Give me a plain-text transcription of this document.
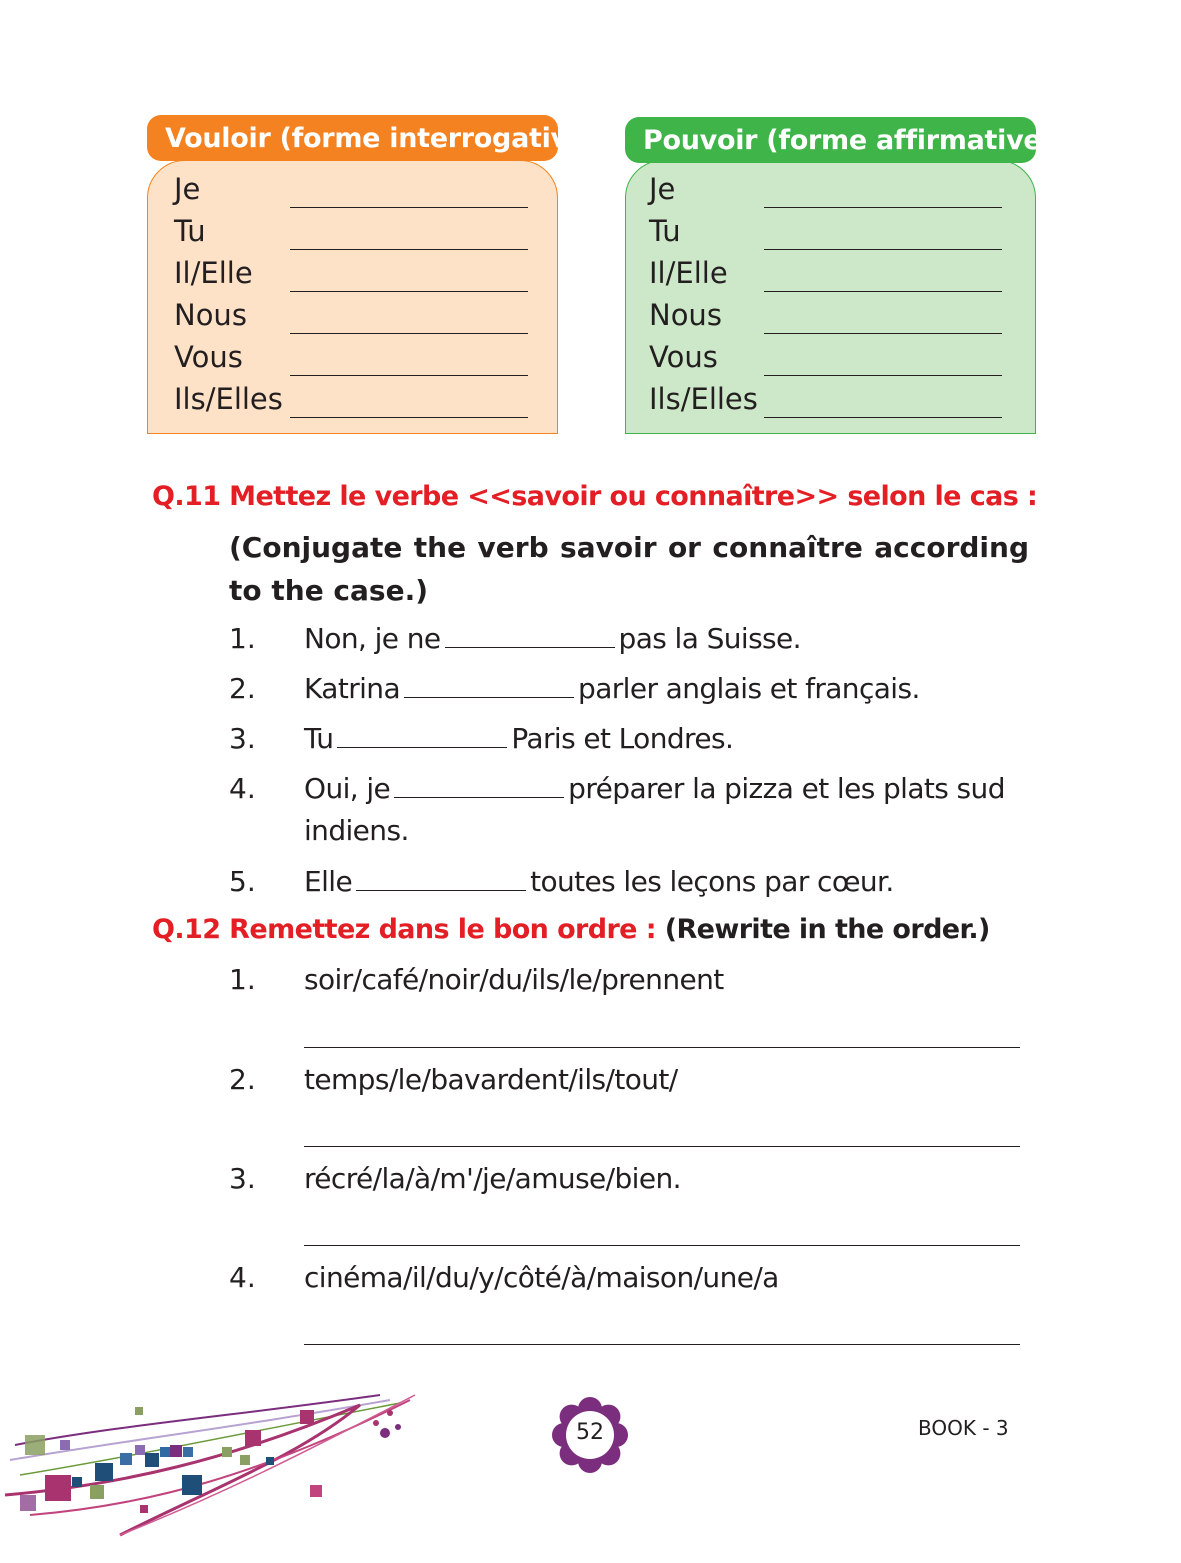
Vouloir (forme interrogative)
Je
Tu
Il/Elle
Nous
Vous
Ils/Elles
Pouvoir (forme affirmative)
Je
Tu
Il/Elle
Nous
Vous
Ils/Elles
Q.11 Mettez le verbe <<savoir ou connaître>> selon le cas :
(Conjugate the verb savoir or connaître according to the case.)
1. Non, je ne	pas la Suisse.
2. Katrina	parler anglais et français.
3. Tu	Paris et Londres.
4. Oui, je	préparer la pizza et les plats sud
indiens.
5. Elle	toutes les leçons par cœur.
Q.12 Remettez dans le bon ordre : (Rewrite in the order.)
1. soir/café/noir/du/ils/le/prennent
2. temps/le/bavardent/ils/tout/
3. récré/la/à/m'/je/amuse/bien.
4. cinéma/il/du/y/côté/à/maison/une/a
52	BOOK - 3
